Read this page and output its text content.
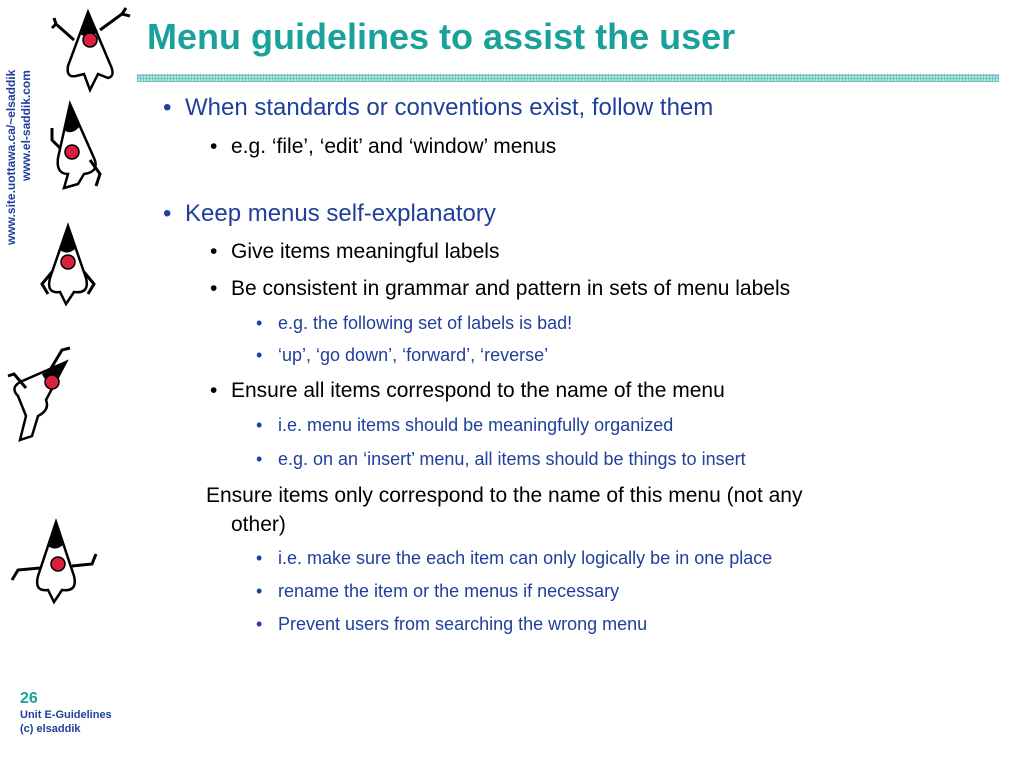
www.site.uottawa.ca/~elsaddik www.el-saddik.com
Menu guidelines to assist the user
• When standards or conventions exist, follow them
• e.g. ‘file’, ‘edit’ and ‘window’ menus
• Keep menus self-explanatory
• Give items meaningful labels
• Be consistent in grammar and pattern in sets of menu labels
• e.g. the following set of labels is bad!
• ‘up’, ‘go down’, ‘forward’, ‘reverse’
• Ensure all items correspond to the name of the menu
• i.e. menu items should be meaningfully organized
• e.g. on an ‘insert’ menu, all items should be things to insert
Ensure items only correspond to the name of this menu (not any
other)
• i.e. make sure the each item can only logically be in one place
• rename the item or the menus if necessary
• Prevent users from searching the wrong menu
26
Unit E-Guidelines
(c) elsaddik
